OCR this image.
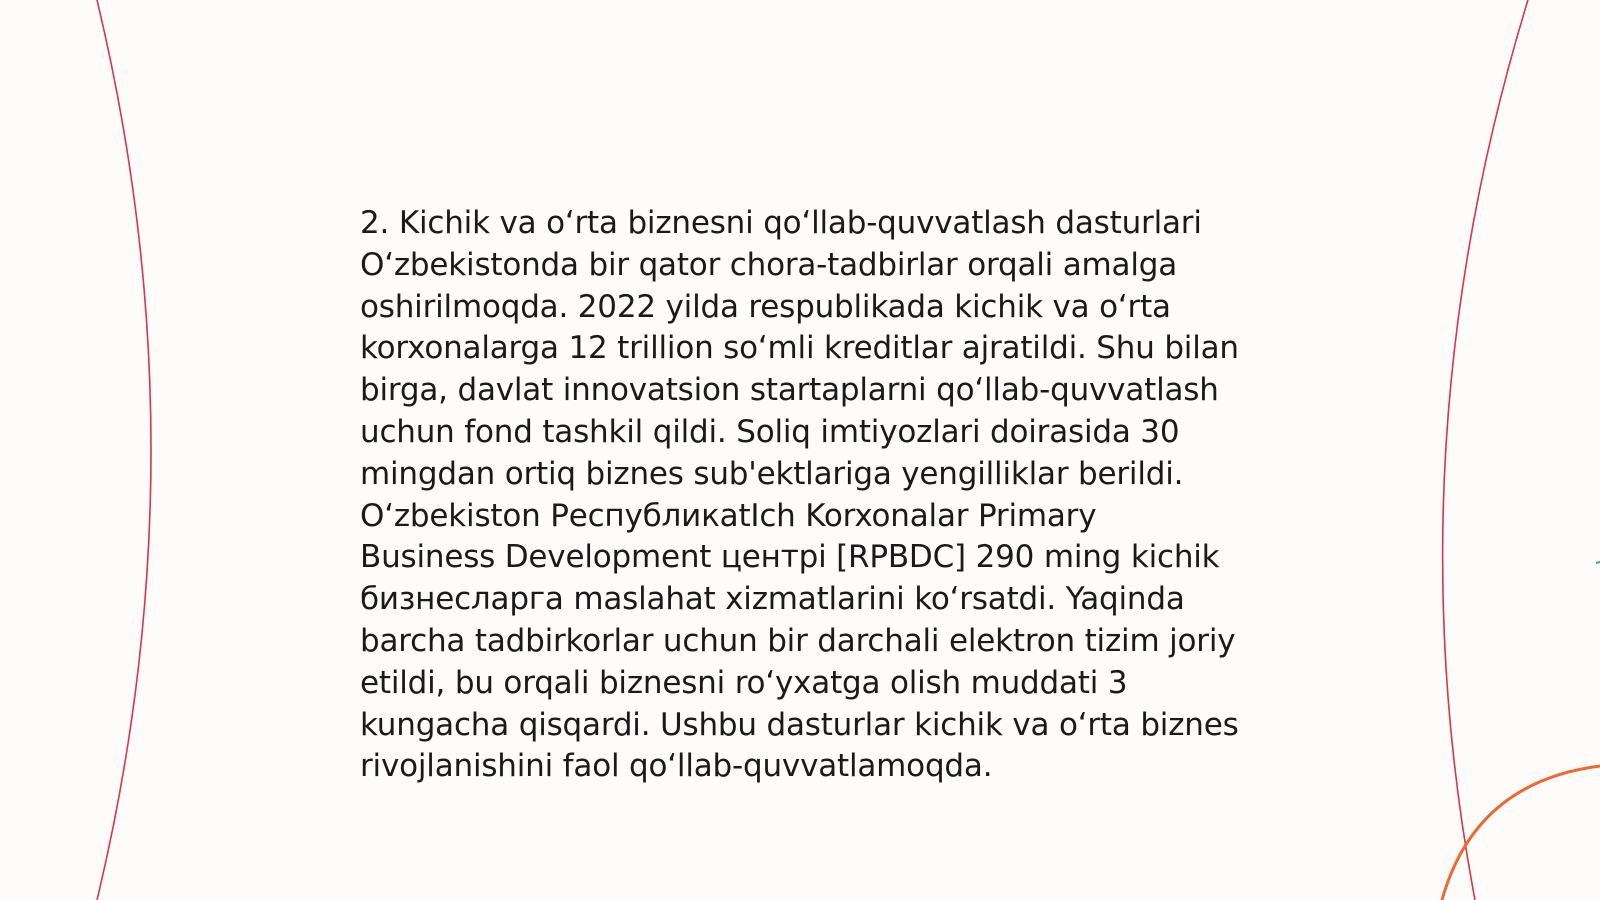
2. Kichik va o‘rta biznesni qo‘llab-quvvatlash dasturlari O‘zbekistonda bir qator chora-tadbirlar orqali amalga oshirilmoqda. 2022 yilda respublikada kichik va o‘rta korxonalarga 12 trillion so‘mli kreditlar ajratildi. Shu bilan birga, davlat innovatsion startaplarni qo‘llab-quvvatlash uchun fond tashkil qildi. Soliq imtiyozlari doirasida 30 mingdan ortiq biznes sub'ektlariga yengilliklar berildi. O‘zbekiston РеспубликаtIch Korxonalar Primary Business Development центрі [RPBDC] 290 ming kichik бизнесларга maslahat xizmatlarini ko‘rsatdi. Yaqinda barcha tadbirkorlar uchun bir darchali elektron tizim joriy etildi, bu orqali biznesni ro‘yxatga olish muddati 3 kungacha qisqardi. Ushbu dasturlar kichik va o‘rta biznes rivojlanishini faol qo‘llab-quvvatlamoqda.
